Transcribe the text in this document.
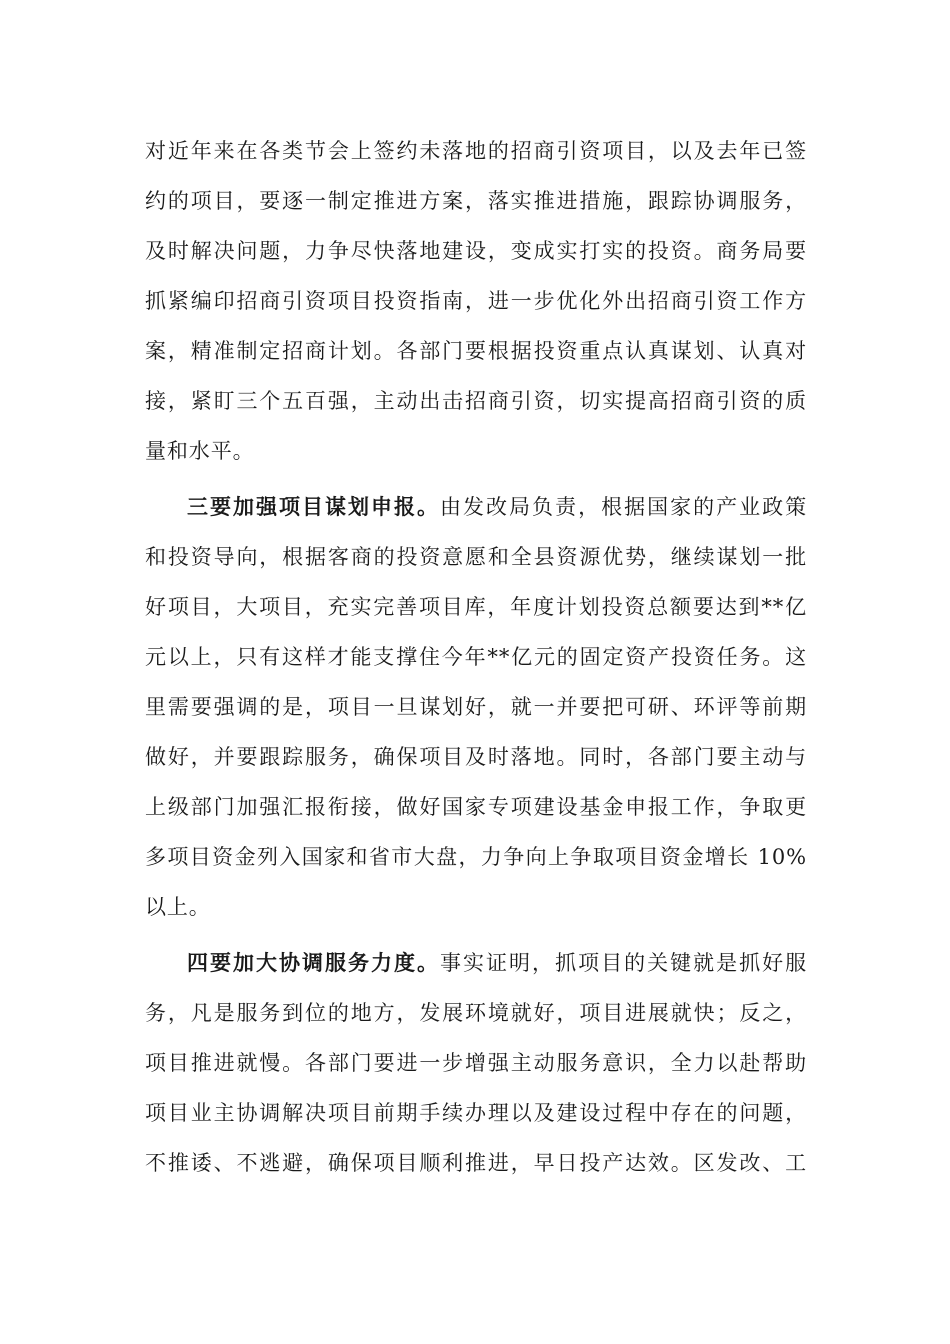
对近年来在各类节会上签约未落地的招商引资项目，以及去年已签
约的项目，要逐一制定推进方案，落实推进措施，跟踪协调服务，
及时解决问题，力争尽快落地建设，变成实打实的投资。商务局要
抓紧编印招商引资项目投资指南，进一步优化外出招商引资工作方
案，精准制定招商计划。各部门要根据投资重点认真谋划、认真对
接，紧盯三个五百强，主动出击招商引资，切实提高招商引资的质
量和水平。
三要加强项目谋划申报。由发改局负责，根据国家的产业政策
和投资导向，根据客商的投资意愿和全县资源优势，继续谋划一批
好项目，大项目，充实完善项目库，年度计划投资总额要达到**亿
元以上，只有这样才能支撑住今年**亿元的固定资产投资任务。这
里需要强调的是，项目一旦谋划好，就一并要把可研、环评等前期
做好，并要跟踪服务，确保项目及时落地。同时，各部门要主动与
上级部门加强汇报衔接，做好国家专项建设基金申报工作，争取更
多项目资金列入国家和省市大盘，力争向上争取项目资金增长 10%
以上。
四要加大协调服务力度。事实证明，抓项目的关键就是抓好服
务，凡是服务到位的地方，发展环境就好，项目进展就快；反之，
项目推进就慢。各部门要进一步增强主动服务意识，全力以赴帮助
项目业主协调解决项目前期手续办理以及建设过程中存在的问题，
不推诿、不逃避，确保项目顺利推进，早日投产达效。区发改、工
